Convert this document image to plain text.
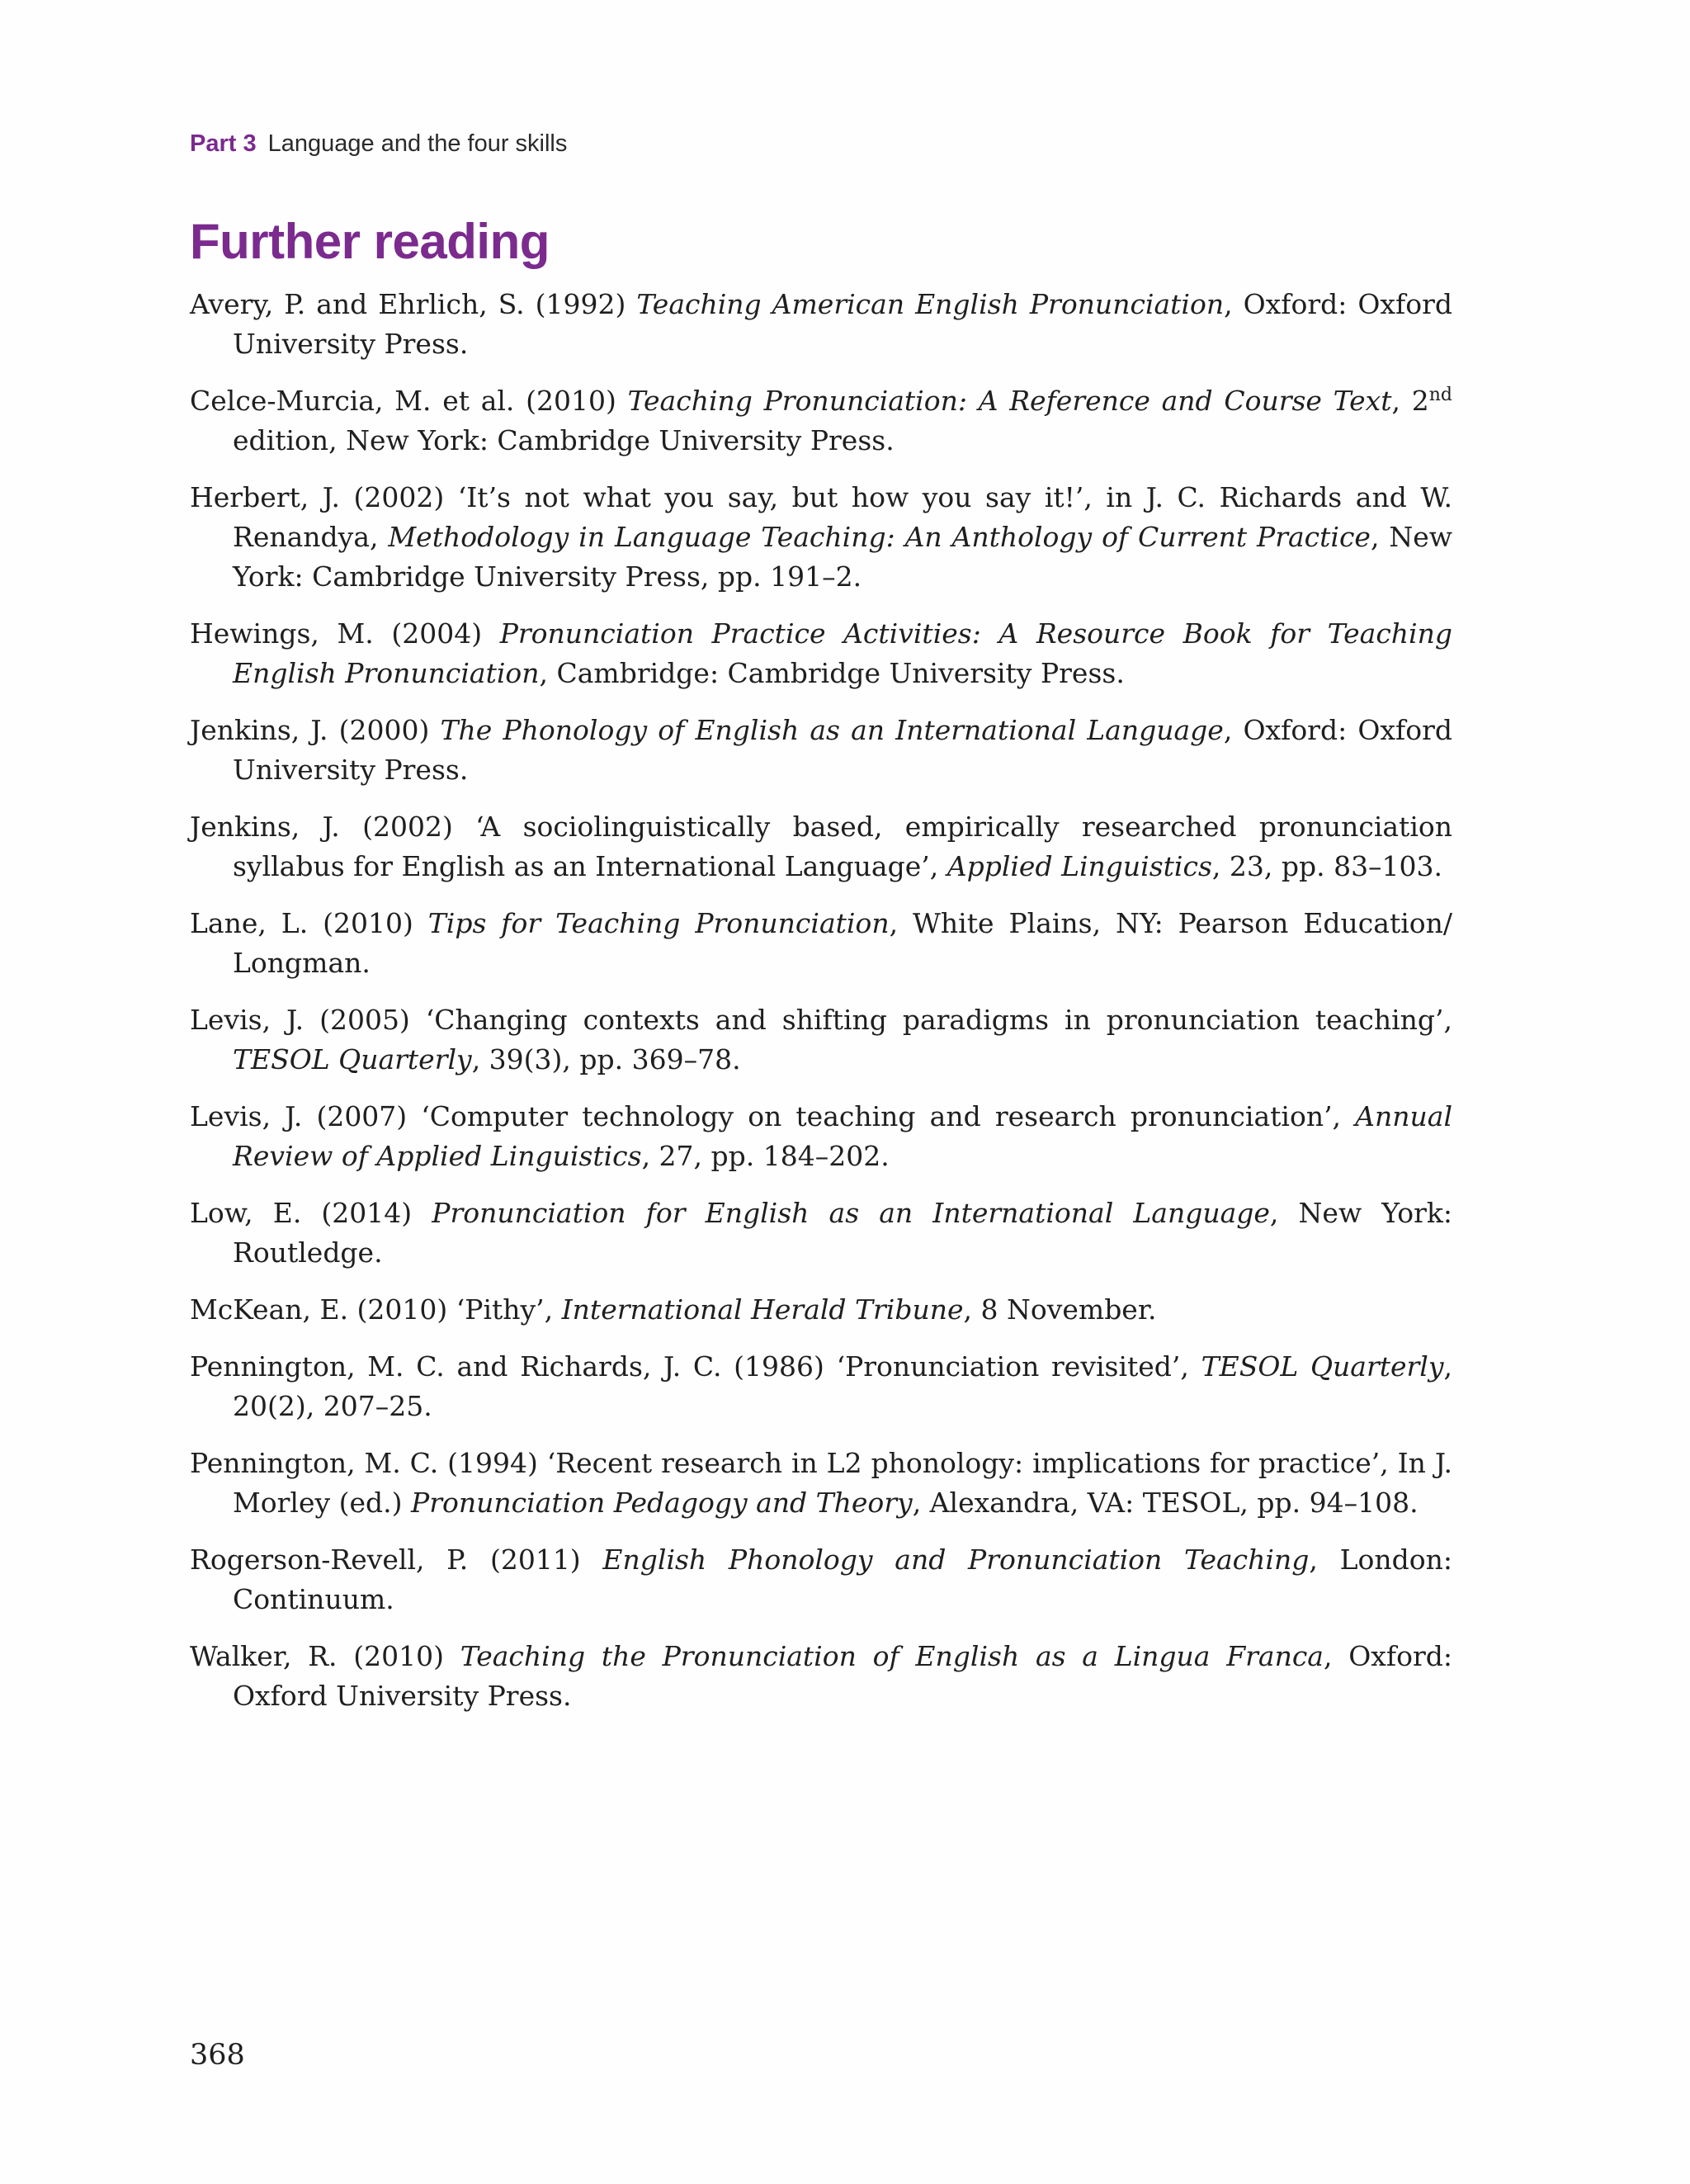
Part 3 Language and the four skills
Further reading
Avery, P. and Ehrlich, S. (1992) Teaching American English Pronunciation, Oxford: Oxford University Press.
Celce-Murcia, M. et al. (2010) Teaching Pronunciation: A Reference and Course Text, 2nd edition, New York: Cambridge University Press.
Herbert, J. (2002) ‘It’s not what you say, but how you say it!’, in J. C. Richards and W. Renandya, Methodology in Language Teaching: An Anthology of Current Practice, New York: Cambridge University Press, pp. 191–2.
Hewings, M. (2004) Pronunciation Practice Activities: A Resource Book for Teaching English Pronunciation, Cambridge: Cambridge University Press.
Jenkins, J. (2000) The Phonology of English as an International Language, Oxford: Oxford University Press.
Jenkins, J. (2002) ‘A sociolinguistically based, empirically researched pronunciation syllabus for English as an International Language’, Applied Linguistics, 23, pp. 83–103.
Lane, L. (2010) Tips for Teaching Pronunciation, White Plains, NY: Pearson Education/ Longman.
Levis, J. (2005) ‘Changing contexts and shifting paradigms in pronunciation teaching’, TESOL Quarterly, 39(3), pp. 369–78.
Levis, J. (2007) ‘Computer technology on teaching and research pronunciation’, Annual Review of Applied Linguistics, 27, pp. 184–202.
Low, E. (2014) Pronunciation for English as an International Language, New York: Routledge.
McKean, E. (2010) ‘Pithy’, International Herald Tribune, 8 November.
Pennington, M. C. and Richards, J. C. (1986) ‘Pronunciation revisited’, TESOL Quarterly, 20(2), 207–25.
Pennington, M. C. (1994) ‘Recent research in L2 phonology: implications for practice’, In J. Morley (ed.) Pronunciation Pedagogy and Theory, Alexandra, VA: TESOL, pp. 94–108.
Rogerson-Revell, P. (2011) English Phonology and Pronunciation Teaching, London: Continuum.
Walker, R. (2010) Teaching the Pronunciation of English as a Lingua Franca, Oxford: Oxford University Press.
368
